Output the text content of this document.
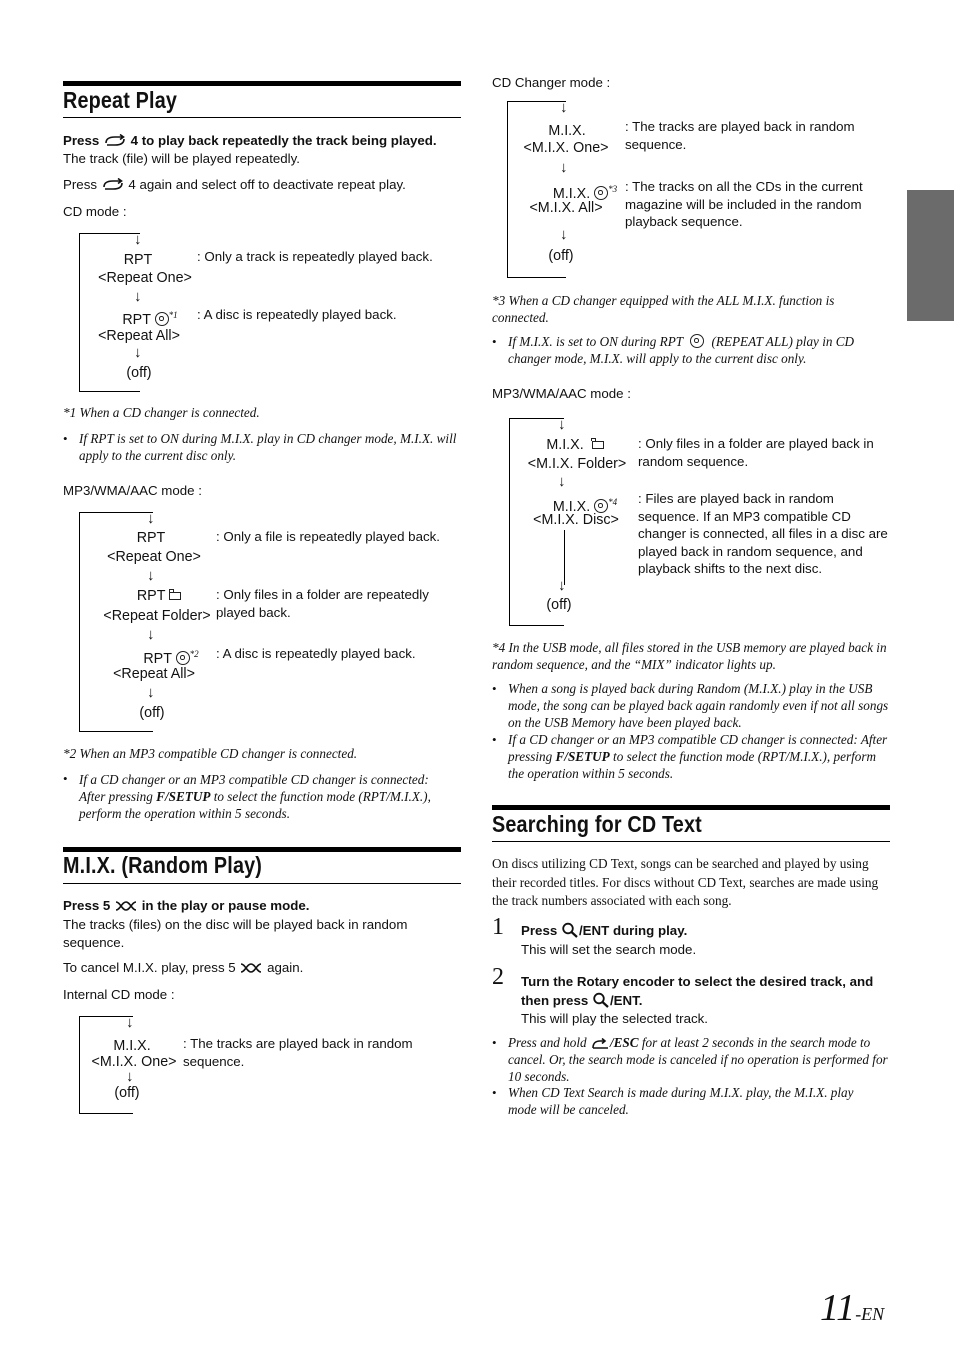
Repeat Play
Press 4 to play back repeatedly the track being played.
The track (file) will be played repeatedly.
Press 4 again and select off to deactivate repeat play.
CD mode :
↓
RPT
<Repeat One>
: Only a track is repeatedly played back.
↓
RPT $^{*1}$
<Repeat All>
: A disc is repeatedly played back.
↓
(off)
*1 When a CD changer is connected.
• If RPT is set to ON during M.I.X. play in CD changer mode, M.I.X. will apply to the current disc only.
MP3/WMA/AAC mode :
↓
RPT
<Repeat One>
: Only a file is repeatedly played back.
↓
RPT
<Repeat Folder>
: Only files in a folder are repeatedly played back.
↓
RPT $^{*2}$
<Repeat All>
: A disc is repeatedly played back.
↓
(off)
*2 When an MP3 compatible CD changer is connected.
• If a CD changer or an MP3 compatible CD changer is connected: After pressing F/SETUP to select the function mode (RPT/M.I.X.), perform the operation within 5 seconds.
M.I.X. (Random Play)
Press 5 in the play or pause mode.
The tracks (files) on the disc will be played back in random sequence.
To cancel M.I.X. play, press 5 again.
Internal CD mode :
↓
M.I.X.
<M.I.X. One>
: The tracks are played back in random sequence.
↓
(off)
CD Changer mode :
↓
M.I.X.
<M.I.X. One>
: The tracks are played back in random sequence.
↓
M.I.X. $^{*3}$
<M.I.X. All>
: The tracks on all the CDs in the current magazine will be included in the random playback sequence.
↓
(off)
*3 When a CD changer equipped with the ALL M.I.X. function is connected.
• If M.I.X. is set to ON during RPT (REPEAT ALL) play in CD changer mode, M.I.X. will apply to the current disc only.
MP3/WMA/AAC mode :
↓
M.I.X.
<M.I.X. Folder>
: Only files in a folder are played back in random sequence.
↓
M.I.X. $^{*4}$
<M.I.X. Disc>
: Files are played back in random sequence. If an MP3 compatible CD changer is connected, all files in a disc are played back in random sequence, and playback shifts to the next disc.
↓
(off)
*4 In the USB mode, all files stored in the USB memory are played back in random sequence, and the “MIX” indicator lights up.
• When a song is played back during Random (M.I.X.) play in the USB mode, the song can be played back again randomly even if not all songs on the USB Memory have been played back.
• If a CD changer or an MP3 compatible CD changer is connected: After pressing F/SETUP to select the function mode (RPT/M.I.X.), perform the operation within 5 seconds.
Searching for CD Text
On discs utilizing CD Text, songs can be searched and played by using their recorded titles. For discs without CD Text, searches are made using the track numbers associated with each song.
1 Press /ENT during play.
This will set the search mode.
2 Turn the Rotary encoder to select the desired track, and then press /ENT.
This will play the selected track.
• Press and hold /ESC for at least 2 seconds in the search mode to cancel. Or, the search mode is canceled if no operation is performed for 10 seconds.
• When CD Text Search is made during M.I.X. play, the M.I.X. play mode will be canceled.
11-EN
